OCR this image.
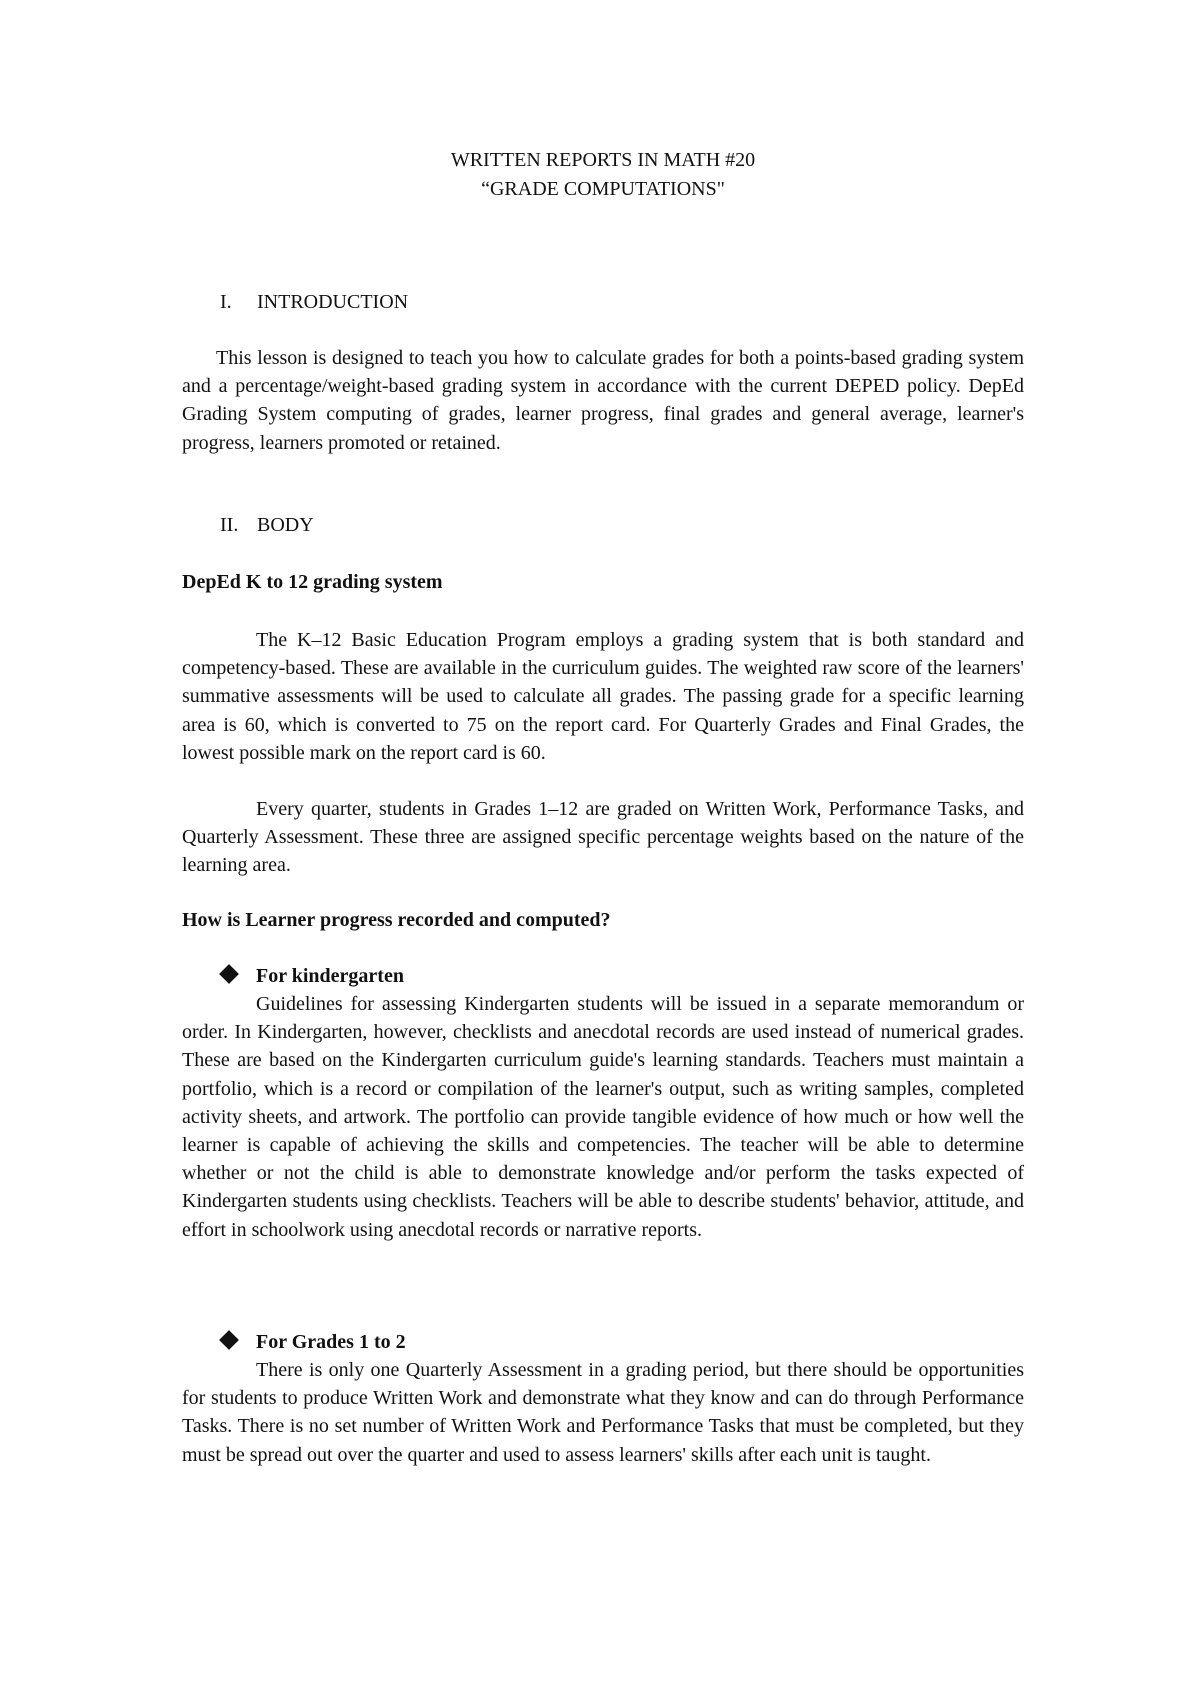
WRITTEN REPORTS IN MATH #20
“GRADE COMPUTATIONS"
I. INTRODUCTION

This lesson is designed to teach you how to calculate grades for both a points-based grading system and a percentage/weight-based grading system in accordance with the current DEPED policy. DepEd Grading System computing of grades, learner progress, final grades and general average, learner's progress, learners promoted or retained.

II. BODY
DepEd K to 12 grading system

The K–12 Basic Education Program employs a grading system that is both standard and competency-based. These are available in the curriculum guides. The weighted raw score of the learners' summative assessments will be used to calculate all grades. The passing grade for a specific learning area is 60, which is converted to 75 on the report card. For Quarterly Grades and Final Grades, the lowest possible mark on the report card is 60.

Every quarter, students in Grades 1–12 are graded on Written Work, Performance Tasks, and Quarterly Assessment. These three are assigned specific percentage weights based on the nature of the learning area.

How is Learner progress recorded and computed?
For kindergarten

Guidelines for assessing Kindergarten students will be issued in a separate memorandum or order. In Kindergarten, however, checklists and anecdotal records are used instead of numerical grades. These are based on the Kindergarten curriculum guide's learning standards. Teachers must maintain a portfolio, which is a record or compilation of the learner's output, such as writing samples, completed activity sheets, and artwork. The portfolio can provide tangible evidence of how much or how well the learner is capable of achieving the skills and competencies. The teacher will be able to determine whether or not the child is able to demonstrate knowledge and/or perform the tasks expected of Kindergarten students using checklists. Teachers will be able to describe students' behavior, attitude, and effort in schoolwork using anecdotal records or narrative reports.

For Grades 1 to 2

There is only one Quarterly Assessment in a grading period, but there should be opportunities for students to produce Written Work and demonstrate what they know and can do through Performance Tasks. There is no set number of Written Work and Performance Tasks that must be completed, but they must be spread out over the quarter and used to assess learners' skills after each unit is taught.
